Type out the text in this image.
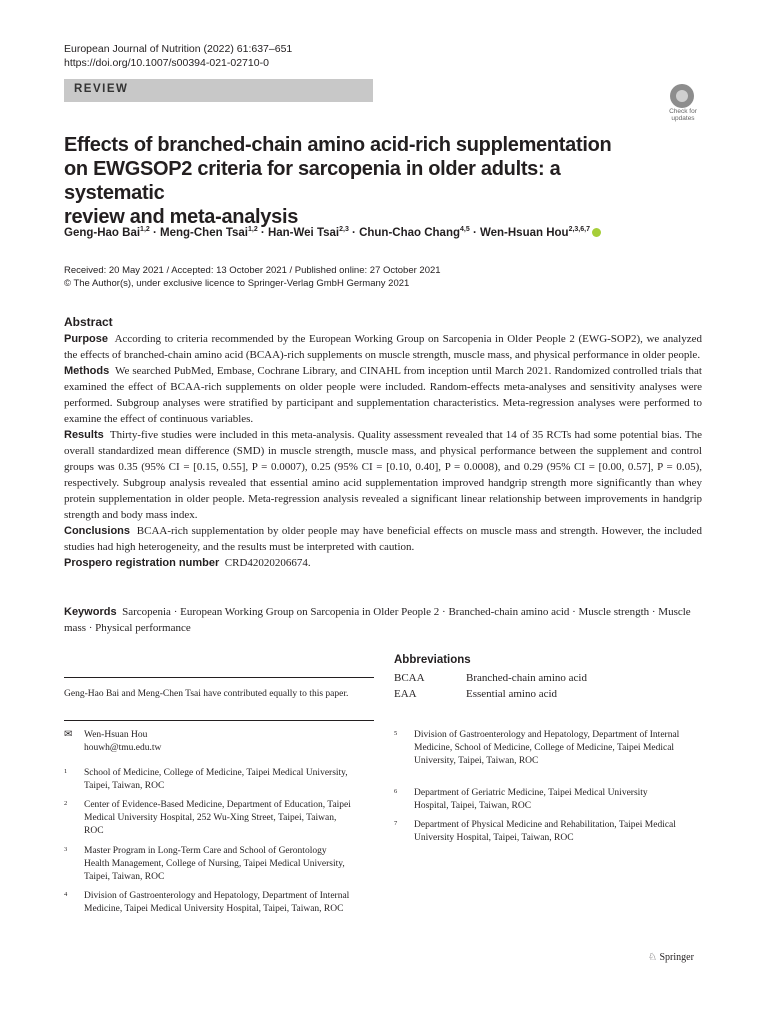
European Journal of Nutrition (2022) 61:637–651
https://doi.org/10.1007/s00394-021-02710-0
REVIEW
Check for
updates
Effects of branched-chain amino acid-rich supplementation
on EWGSOP2 criteria for sarcopenia in older adults: a systematic
review and meta-analysis
Geng-Hao Bai$^{1,2}$ · Meng-Chen Tsai$^{1,2}$ · Han-Wei Tsai$^{2,3}$ · Chun-Chao Chang$^{4,5}$ · Wen-Hsuan Hou$^{2,3,6,7}$
Received: 20 May 2021 / Accepted: 13 October 2021 / Published online: 27 October 2021
© The Author(s), under exclusive licence to Springer-Verlag GmbH Germany 2021
Abstract

Purpose According to criteria recommended by the European Working Group on Sarcopenia in Older People 2 (EWG-SOP2), we analyzed the effects of branched-chain amino acid (BCAA)-rich supplements on muscle strength, muscle mass, and physical performance in older people.

Methods We searched PubMed, Embase, Cochrane Library, and CINAHL from inception until March 2021. Randomized controlled trials that examined the effect of BCAA-rich supplements on older people were included. Random-effects meta-analyses and sensitivity analyses were performed. Subgroup analyses were stratified by participant and supplementation characteristics. Meta-regression analyses were performed to examine the effect of continuous variables.

Results Thirty-five studies were included in this meta-analysis. Quality assessment revealed that 14 of 35 RCTs had some potential bias. The overall standardized mean difference (SMD) in muscle strength, muscle mass, and physical performance between the supplement and control groups was 0.35 (95% CI = [0.15, 0.55], P = 0.0007), 0.25 (95% CI = [0.10, 0.40], P = 0.0008), and 0.29 (95% CI = [0.00, 0.57], P = 0.05), respectively. Subgroup analysis revealed that essential amino acid supplementation improved handgrip strength more significantly than whey protein supplementation in older people. Meta-regression analysis revealed a significant linear relationship between improvements in handgrip strength and body mass index.

Conclusions BCAA-rich supplementation by older people may have beneficial effects on muscle mass and strength. However, the included studies had high heterogeneity, and the results must be interpreted with caution.

Prospero registration number CRD42020206674.

Keywords Sarcopenia · European Working Group on Sarcopenia in Older People 2 · Branched-chain amino acid · Muscle strength · Muscle mass · Physical performance
Geng-Hao Bai and Meng-Chen Tsai have contributed equally to this paper.
✉ Wen-Hsuan Hou
houwh@tmu.edu.tw
1 School of Medicine, College of Medicine, Taipei Medical University, Taipei, Taiwan, ROC
2 Center of Evidence-Based Medicine, Department of Education, Taipei Medical University Hospital, 252 Wu-Xing Street, Taipei, Taiwan, ROC
3 Master Program in Long-Term Care and School of Gerontology Health Management, College of Nursing, Taipei Medical University, Taipei, Taiwan, ROC
4 Division of Gastroenterology and Hepatology, Department of Internal Medicine, Taipei Medical University Hospital, Taipei, Taiwan, ROC
Abbreviations
BCAA	Branched-chain amino acid
EAA	Essential amino acid
5 Division of Gastroenterology and Hepatology, Department of Internal Medicine, School of Medicine, College of Medicine, Taipei Medical University, Taipei, Taiwan, ROC
6 Department of Geriatric Medicine, Taipei Medical University Hospital, Taipei, Taiwan, ROC
7 Department of Physical Medicine and Rehabilitation, Taipei Medical University Hospital, Taipei, Taiwan, ROC
♘ Springer
